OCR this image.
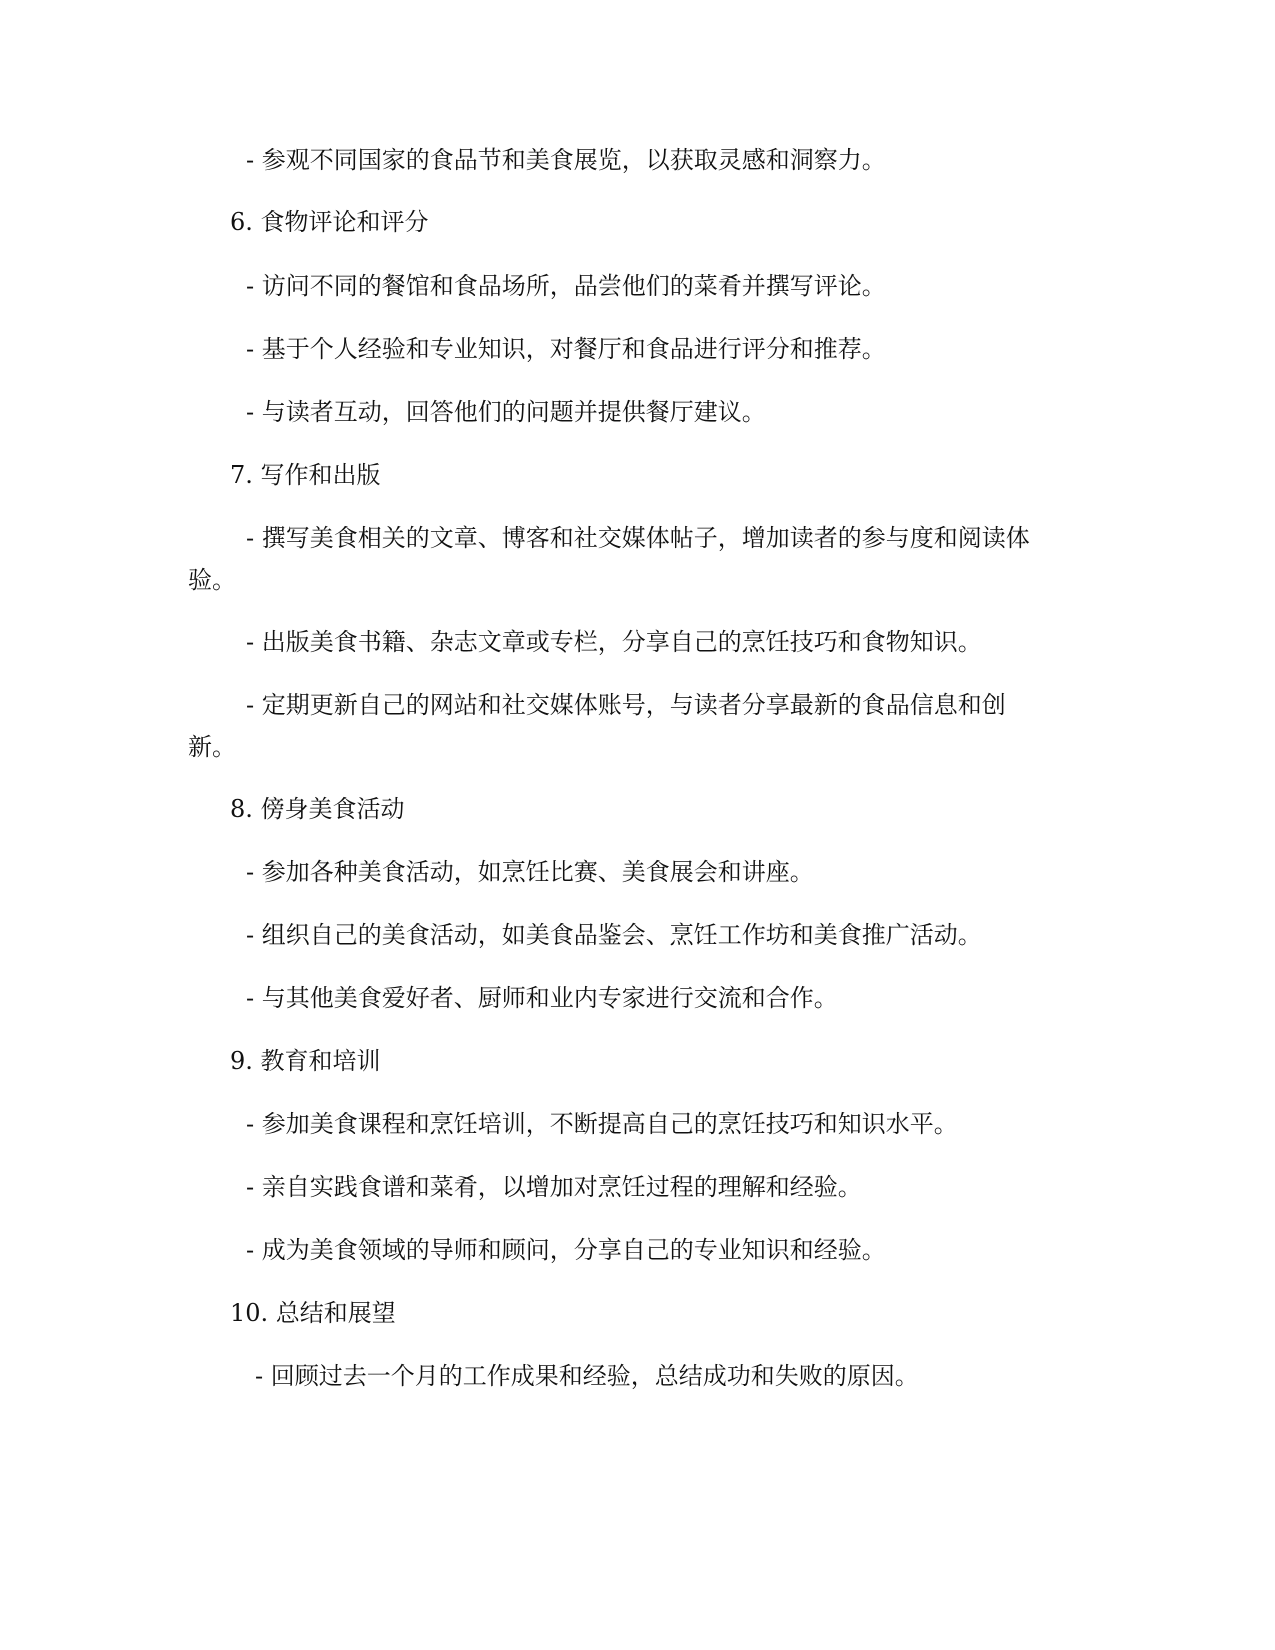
- 参观不同国家的食品节和美食展览，以获取灵感和洞察力。
6. 食物评论和评分
- 访问不同的餐馆和食品场所，品尝他们的菜肴并撰写评论。
- 基于个人经验和专业知识，对餐厅和食品进行评分和推荐。
- 与读者互动，回答他们的问题并提供餐厅建议。
7. 写作和出版
- 撰写美食相关的文章、博客和社交媒体帖子，增加读者的参与度和阅读体
验。
- 出版美食书籍、杂志文章或专栏，分享自己的烹饪技巧和食物知识。
- 定期更新自己的网站和社交媒体账号，与读者分享最新的食品信息和创
新。
8. 傍身美食活动
- 参加各种美食活动，如烹饪比赛、美食展会和讲座。
- 组织自己的美食活动，如美食品鉴会、烹饪工作坊和美食推广活动。
- 与其他美食爱好者、厨师和业内专家进行交流和合作。
9. 教育和培训
- 参加美食课程和烹饪培训，不断提高自己的烹饪技巧和知识水平。
- 亲自实践食谱和菜肴，以增加对烹饪过程的理解和经验。
- 成为美食领域的导师和顾问，分享自己的专业知识和经验。
10. 总结和展望
- 回顾过去一个月的工作成果和经验，总结成功和失败的原因。
